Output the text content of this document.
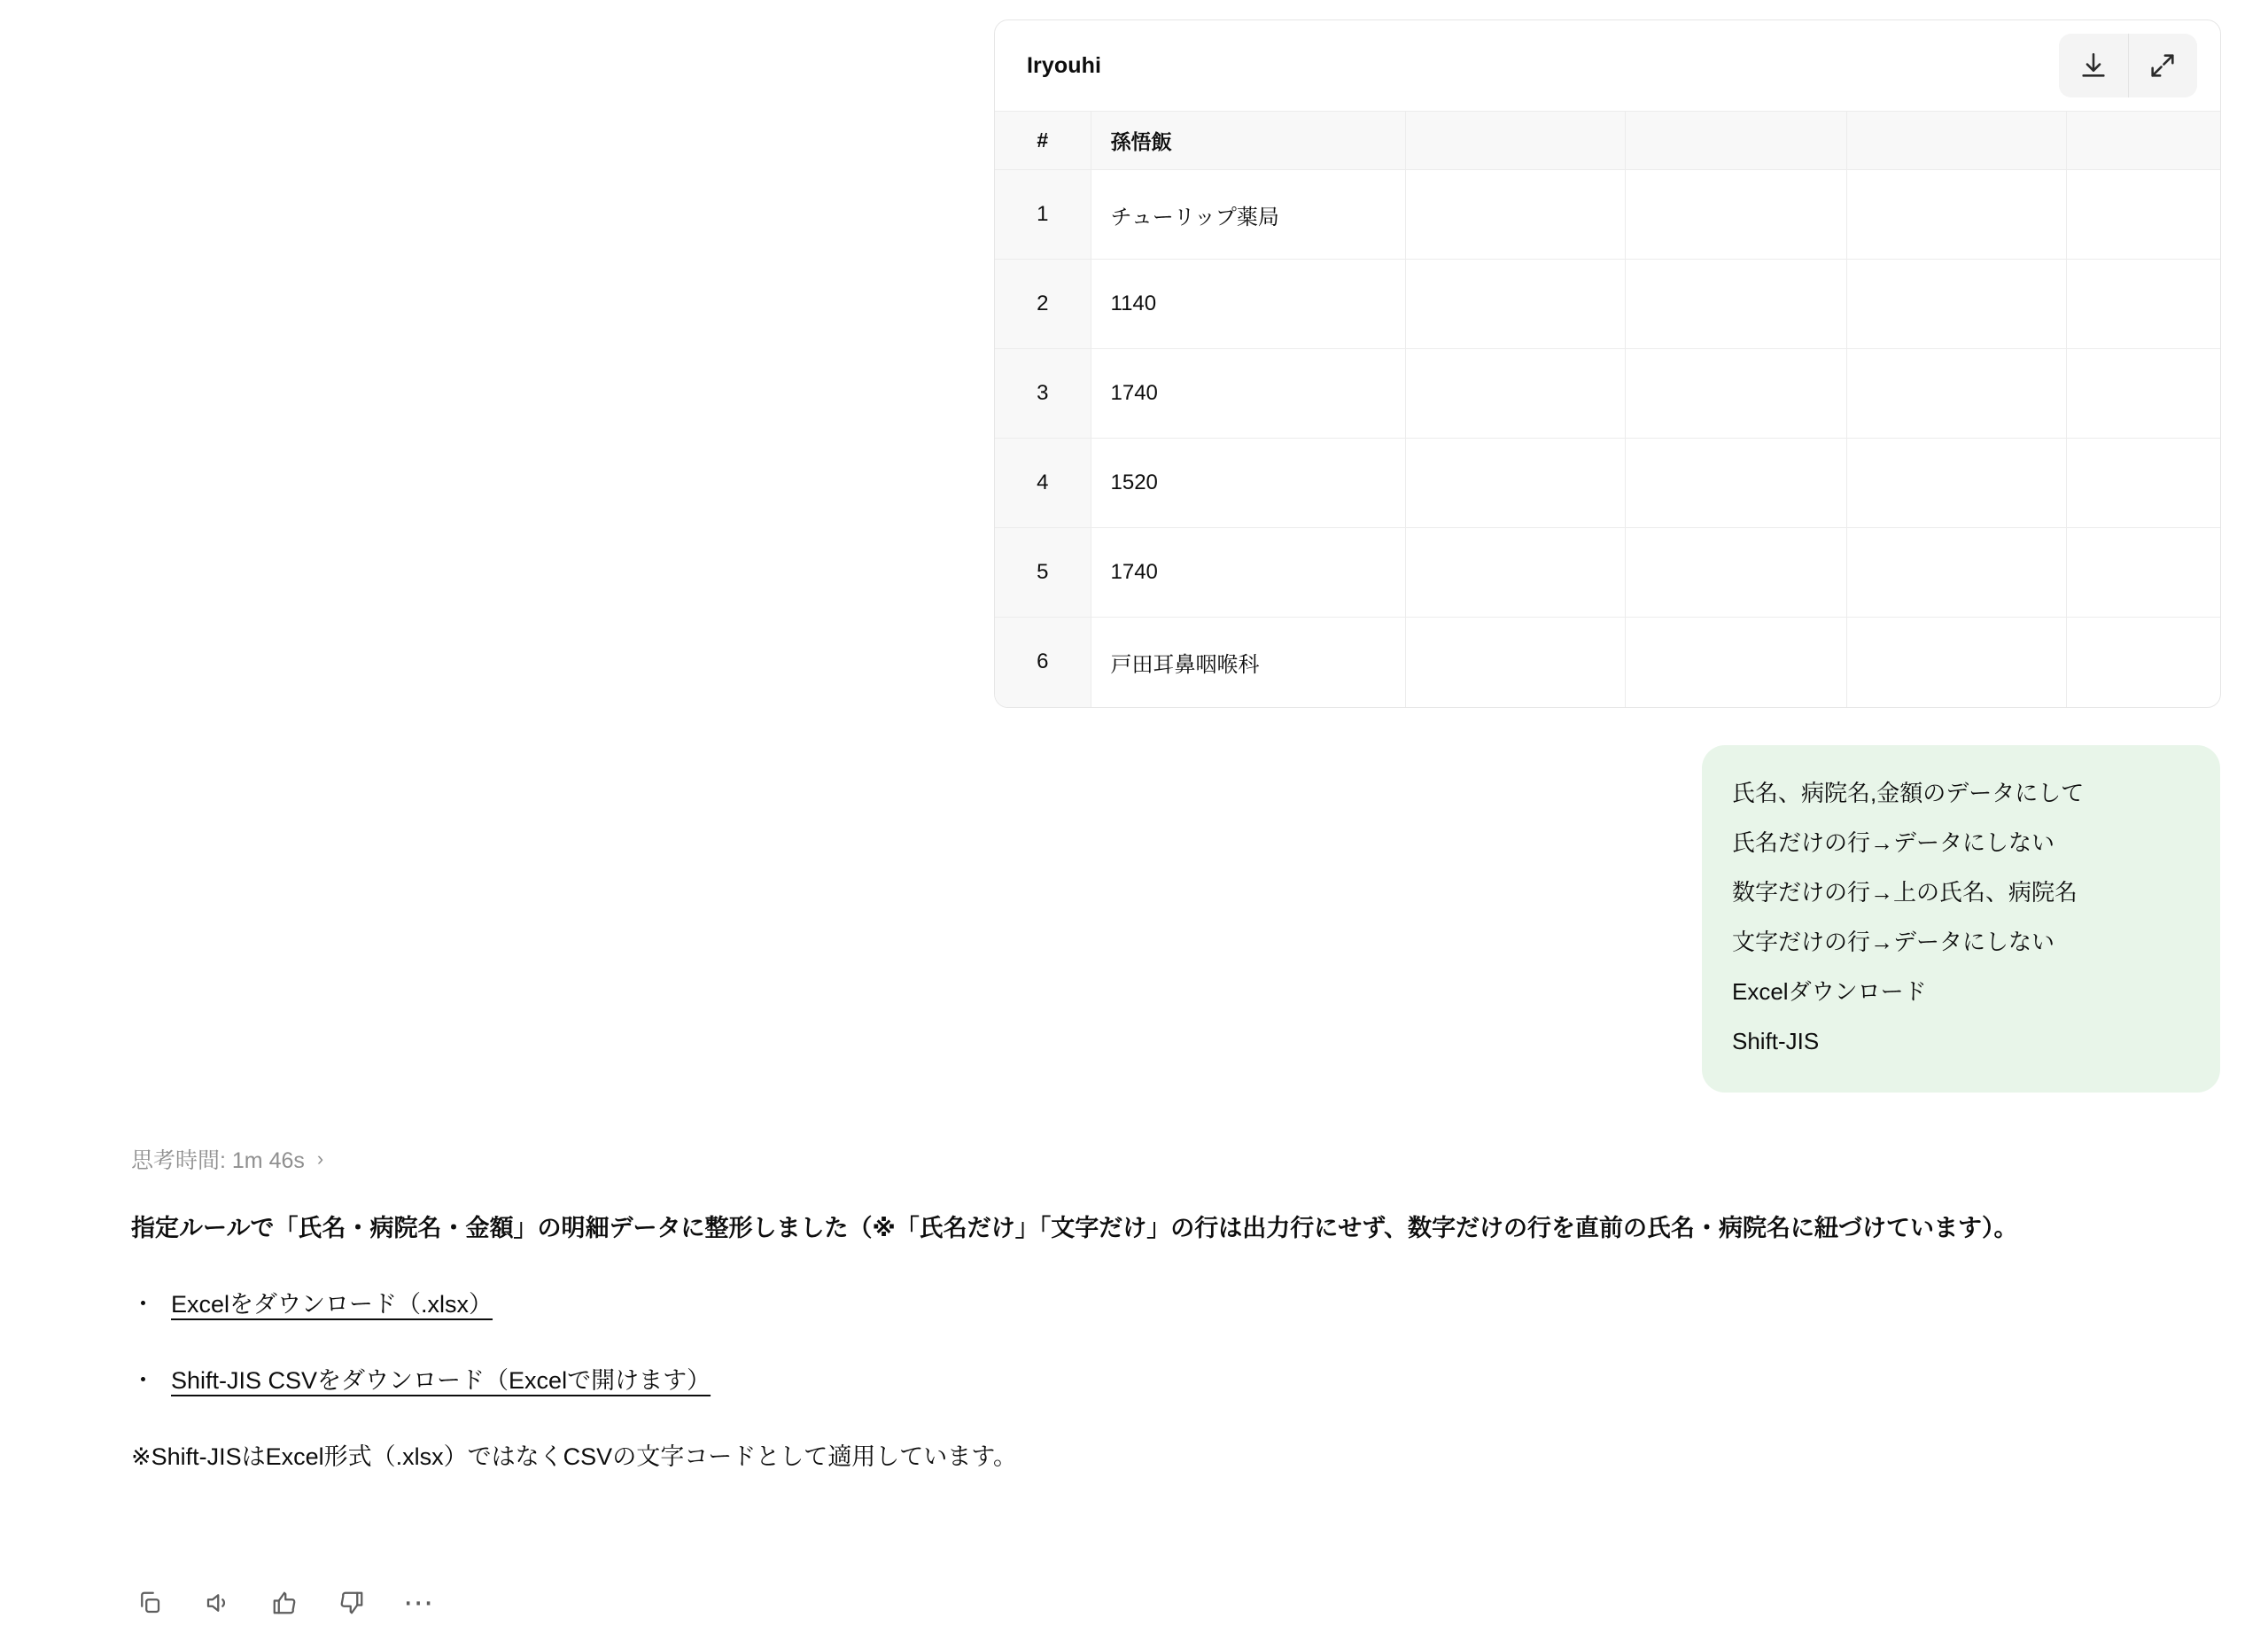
Iryouhi
#	孫悟飯				
1	チューリップ薬局				
2	1140				
3	1740				
4	1520				
5	1740				
6	戸田耳鼻咽喉科				

氏名、病院名,金額のデータにして

氏名だけの行→データにしない

数字だけの行→上の氏名、病院名

文字だけの行→データにしない

Excelダウンロード

Shift-JIS

思考時間: 1m 46s ›

指定ルールで「氏名・病院名・金額」の明細データに整形しました（※「氏名だけ」「文字だけ」の行は出力行にせず、数字だけの行を直前の氏名・病院名に紐づけています）。

・ Excelをダウンロード（.xlsx）
・ Shift-JIS CSVをダウンロード（Excelで開けます）

※Shift-JISはExcel形式（.xlsx）ではなくCSVの文字コードとして適用しています。

⋯
